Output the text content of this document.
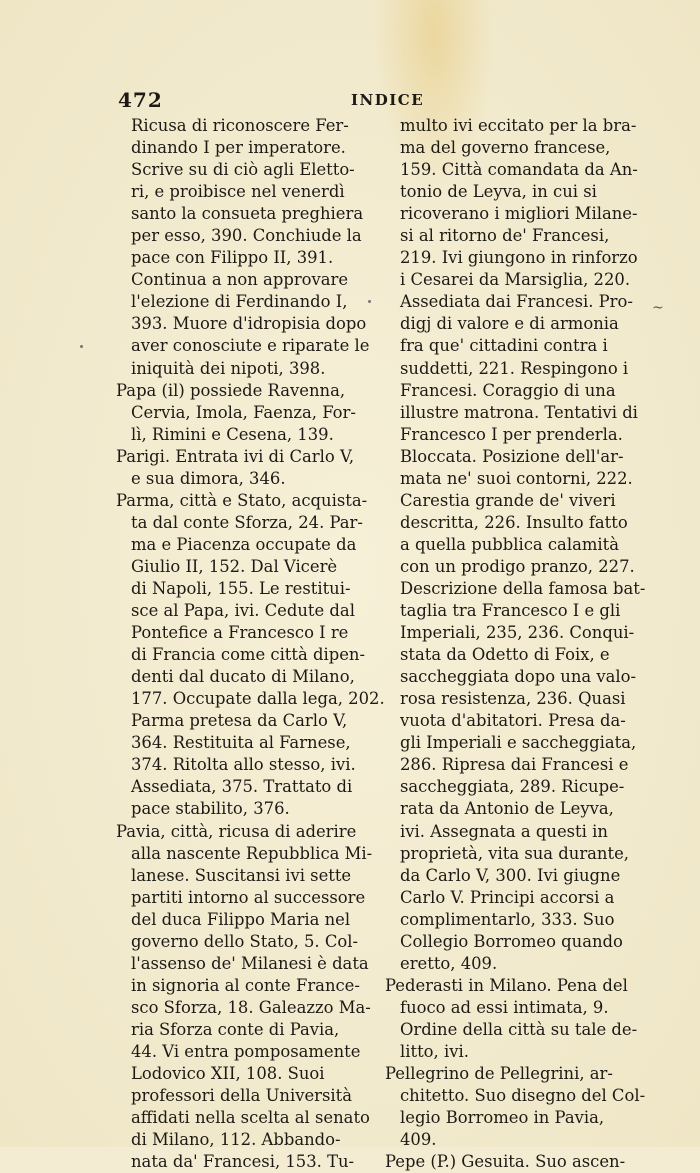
472	INDICE
Ricusa di riconoscere Fer-
dinando I per imperatore.
Scrive su di ciò agli Eletto-
ri, e proibisce nel venerdì
santo la consueta preghiera
per esso, 390. Conchiude la
pace con Filippo II, 391.
Continua a non approvare
l'elezione di Ferdinando I,
393. Muore d'idropisia dopo
aver conosciute e riparate le
iniquità dei nipoti, 398.
Papa (il) possiede Ravenna,
Cervia, Imola, Faenza, For-
lì, Rimini e Cesena, 139.
Parigi. Entrata ivi di Carlo V,
e sua dimora, 346.
Parma, città e Stato, acquista-
ta dal conte Sforza, 24. Par-
ma e Piacenza occupate da
Giulio II, 152. Dal Vicerè
di Napoli, 155. Le restitui-
sce al Papa, ivi. Cedute dal
Pontefice a Francesco I re
di Francia come città dipen-
denti dal ducato di Milano,
177. Occupate dalla lega, 202.
Parma pretesa da Carlo V,
364. Restituita al Farnese,
374. Ritolta allo stesso, ivi.
Assediata, 375. Trattato di
pace stabilito, 376.
Pavia, città, ricusa di aderire
alla nascente Repubblica Mi-
lanese. Suscitansi ivi sette
partiti intorno al successore
del duca Filippo Maria nel
governo dello Stato, 5. Col-
l'assenso de' Milanesi è data
in signoria al conte France-
sco Sforza, 18. Galeazzo Ma-
ria Sforza conte di Pavia,
44. Vi entra pomposamente
Lodovico XII, 108. Suoi
professori della Università
affidati nella scelta al senato
di Milano, 112. Abbando-
nata da' Francesi, 153. Tu-
multo ivi eccitato per la bra-
ma del governo francese,
159. Città comandata da An-
tonio de Leyva, in cui si
ricoverano i migliori Milane-
si al ritorno de' Francesi,
219. Ivi giungono in rinforzo
i Cesarei da Marsiglia, 220.
Assediata dai Francesi. Pro-
digj di valore e di armonia
fra que' cittadini contra i
suddetti, 221. Respingono i
Francesi. Coraggio di una
illustre matrona. Tentativi di
Francesco I per prenderla.
Bloccata. Posizione dell'ar-
mata ne' suoi contorni, 222.
Carestia grande de' viveri
descritta, 226. Insulto fatto
a quella pubblica calamità
con un prodigo pranzo, 227.
Descrizione della famosa bat-
taglia tra Francesco I e gli
Imperiali, 235, 236. Conqui-
stata da Odetto di Foix, e
saccheggiata dopo una valo-
rosa resistenza, 236. Quasi
vuota d'abitatori. Presa da-
gli Imperiali e saccheggiata,
286. Ripresa dai Francesi e
saccheggiata, 289. Ricupe-
rata da Antonio de Leyva,
ivi. Assegnata a questi in
proprietà, vita sua durante,
da Carlo V, 300. Ivi giugne
Carlo V. Principi accorsi a
complimentarlo, 333. Suo
Collegio Borromeo quando
eretto, 409.
Pederasti in Milano. Pena del
fuoco ad essi intimata, 9.
Ordine della città su tale de-
litto, ivi.
Pellegrino de Pellegrini, ar-
chitetto. Suo disegno del Col-
legio Borromeo in Pavia,
409.
Pepe (P.) Gesuita. Suo ascen-
~
